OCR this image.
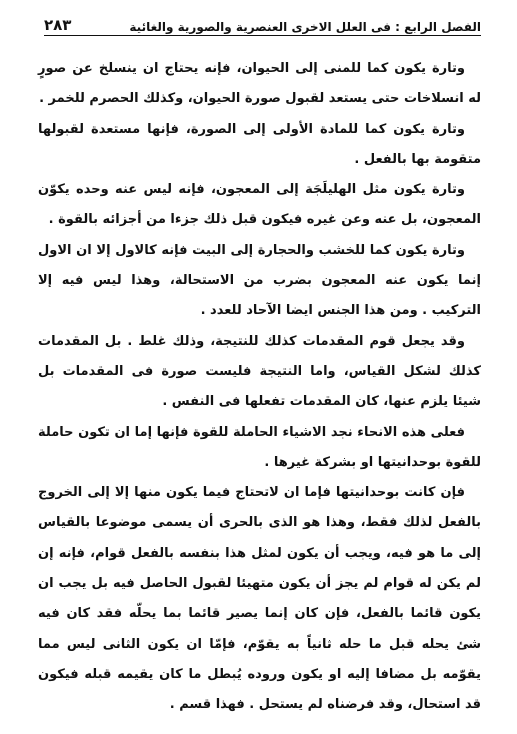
الفصل الرابع : فى العلل الاخرى العنصرية والصورية والغائية
٢٨٣

وتارة يكون كما للمنى إلى الحيوان، فإنه يحتاج ان ينسلخ عن صورٍ له انسلاخات حتى يستعد لقبول صورة الحيوان، وكذلك الحصرم للخمر .

وتارة يكون كما للمادة الأولى إلى الصورة، فإنها مستعدة لقبولها متقومة بها بالفعل .

وتارة يكون مثل الهليلَجَة إلى المعجون، فإنه ليس عنه وحده يكوّن المعجون، بل عنه وعن غيره فيكون قبل ذلك جزءا من أجزائه بالقوة .

وتارة يكون كما للخشب والحجارة إلى البيت فإنه كالاول إلا ان الاول إنما يكون عنه المعجون بضرب من الاستحالة، وهذا ليس فيه إلا التركيب . ومن هذا الجنس ايضا الآحاد للعدد .

وقد يجعل قوم المقدمات كذلك للنتيجة، وذلك غلط . بل المقدمات كذلك لشكل القياس، واما النتيجة فليست صورة فى المقدمات بل شيئا يلزم عنها، كان المقدمات تفعلها فى النفس .

فعلى هذه الانحاء نجد الاشياء الحاملة للقوة فإنها إما ان تكون حاملة للقوة بوحدانيتها او بشركة غيرها .

فإن كانت بوحدانيتها فإما ان لاتحتاج فيما يكون منها إلا إلى الخروج بالفعل لذلك فقط، وهذا هو الذى بالحرى أن يسمى موضوعا بالقياس إلى ما هو فيه، ويجب أن يكون لمثل هذا بنفسه بالفعل قوام، فإنه إن لم يكن له قوام لم يجز أن يكون متهيئا لقبول الحاصل فيه بل يجب ان يكون قائما بالفعل، فإن كان إنما يصير قائما بما يحلّه فقد كان فيه شئ يحله قبل ما حله ثانياً به يقوّم، فإمّا ان يكون الثانى ليس مما يقوّمه بل مضافا إليه او يكون وروده يُبطل ما كان يقيمه قبله فيكون قد استحال، وقد فرضناه لم يستحل . فهذا قسم .
